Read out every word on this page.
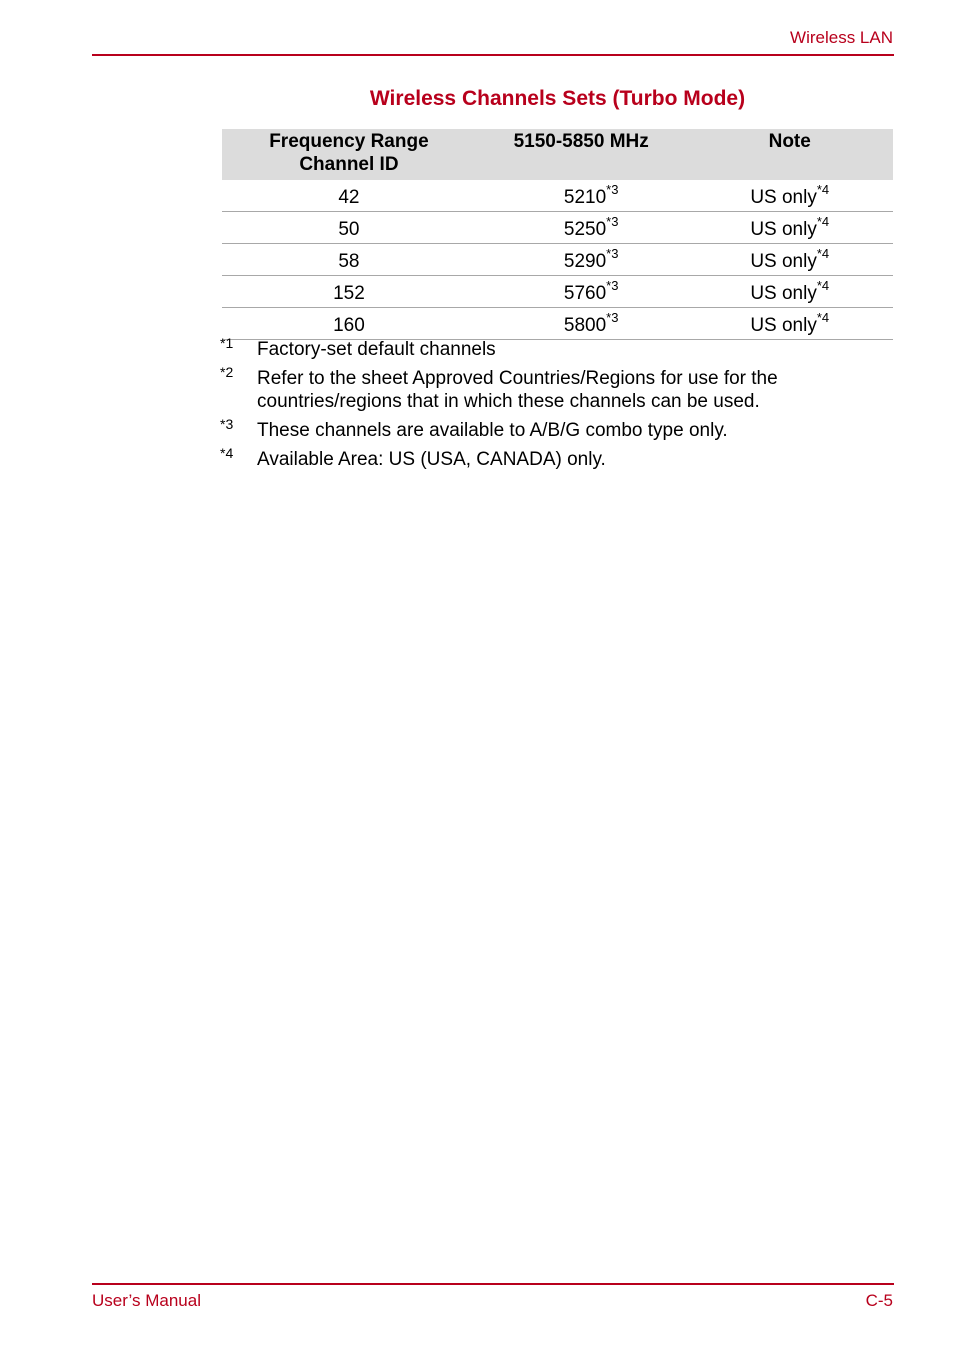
Wireless LAN
Wireless Channels Sets (Turbo Mode)
Frequency Range
Channel ID	5150-5850 MHz	Note
42	5210$^{*3}$	US only$^{*4}$
50	5250$^{*3}$	US only$^{*4}$
58	5290$^{*3}$	US only$^{*4}$
152	5760$^{*3}$	US only$^{*4}$
160	5800$^{*3}$	US only$^{*4}$
*1 Factory-set default channels
*2 Refer to the sheet Approved Countries/Regions for use for the
countries/regions that in which these channels can be used.
*3 These channels are available to A/B/G combo type only.
*4 Available Area: US (USA, CANADA) only.
User’s Manual	C-5
